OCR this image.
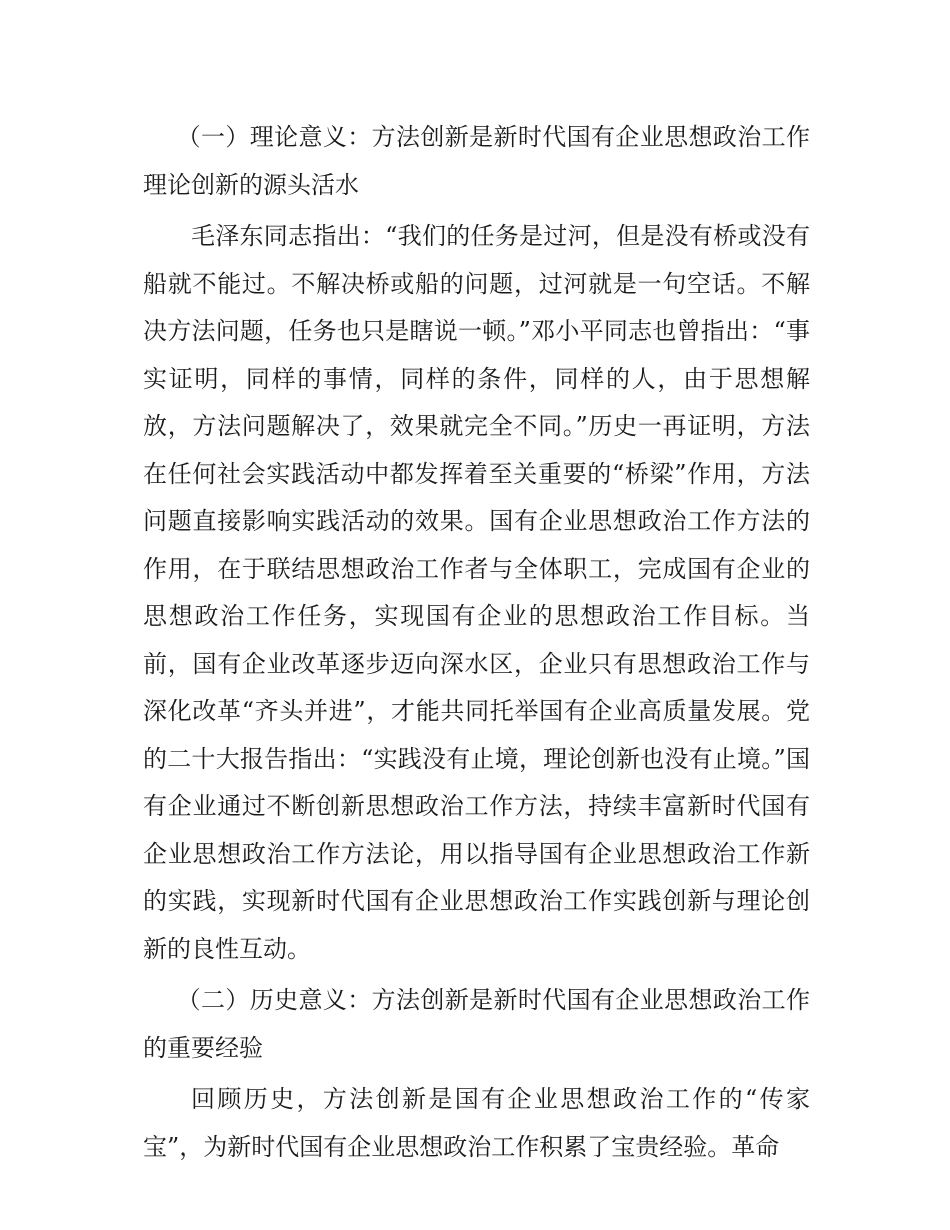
（一）理论意义：方法创新是新时代国有企业思想政治工作理论创新的源头活水

毛泽东同志指出：“我们的任务是过河，但是没有桥或没有船就不能过。不解决桥或船的问题，过河就是一句空话。不解决方法问题，任务也只是瞎说一顿。”邓小平同志也曾指出：“事实证明，同样的事情，同样的条件，同样的人，由于思想解放，方法问题解决了，效果就完全不同。”历史一再证明，方法在任何社会实践活动中都发挥着至关重要的“桥梁”作用，方法问题直接影响实践活动的效果。国有企业思想政治工作方法的作用，在于联结思想政治工作者与全体职工，完成国有企业的思想政治工作任务，实现国有企业的思想政治工作目标。当前，国有企业改革逐步迈向深水区，企业只有思想政治工作与深化改革“齐头并进”，才能共同托举国有企业高质量发展。党的二十大报告指出：“实践没有止境，理论创新也没有止境。”国有企业通过不断创新思想政治工作方法，持续丰富新时代国有企业思想政治工作方法论，用以指导国有企业思想政治工作新的实践，实现新时代国有企业思想政治工作实践创新与理论创新的良性互动。

（二）历史意义：方法创新是新时代国有企业思想政治工作的重要经验

回顾历史，方法创新是国有企业思想政治工作的“传家宝”，为新时代国有企业思想政治工作积累了宝贵经验。革命
